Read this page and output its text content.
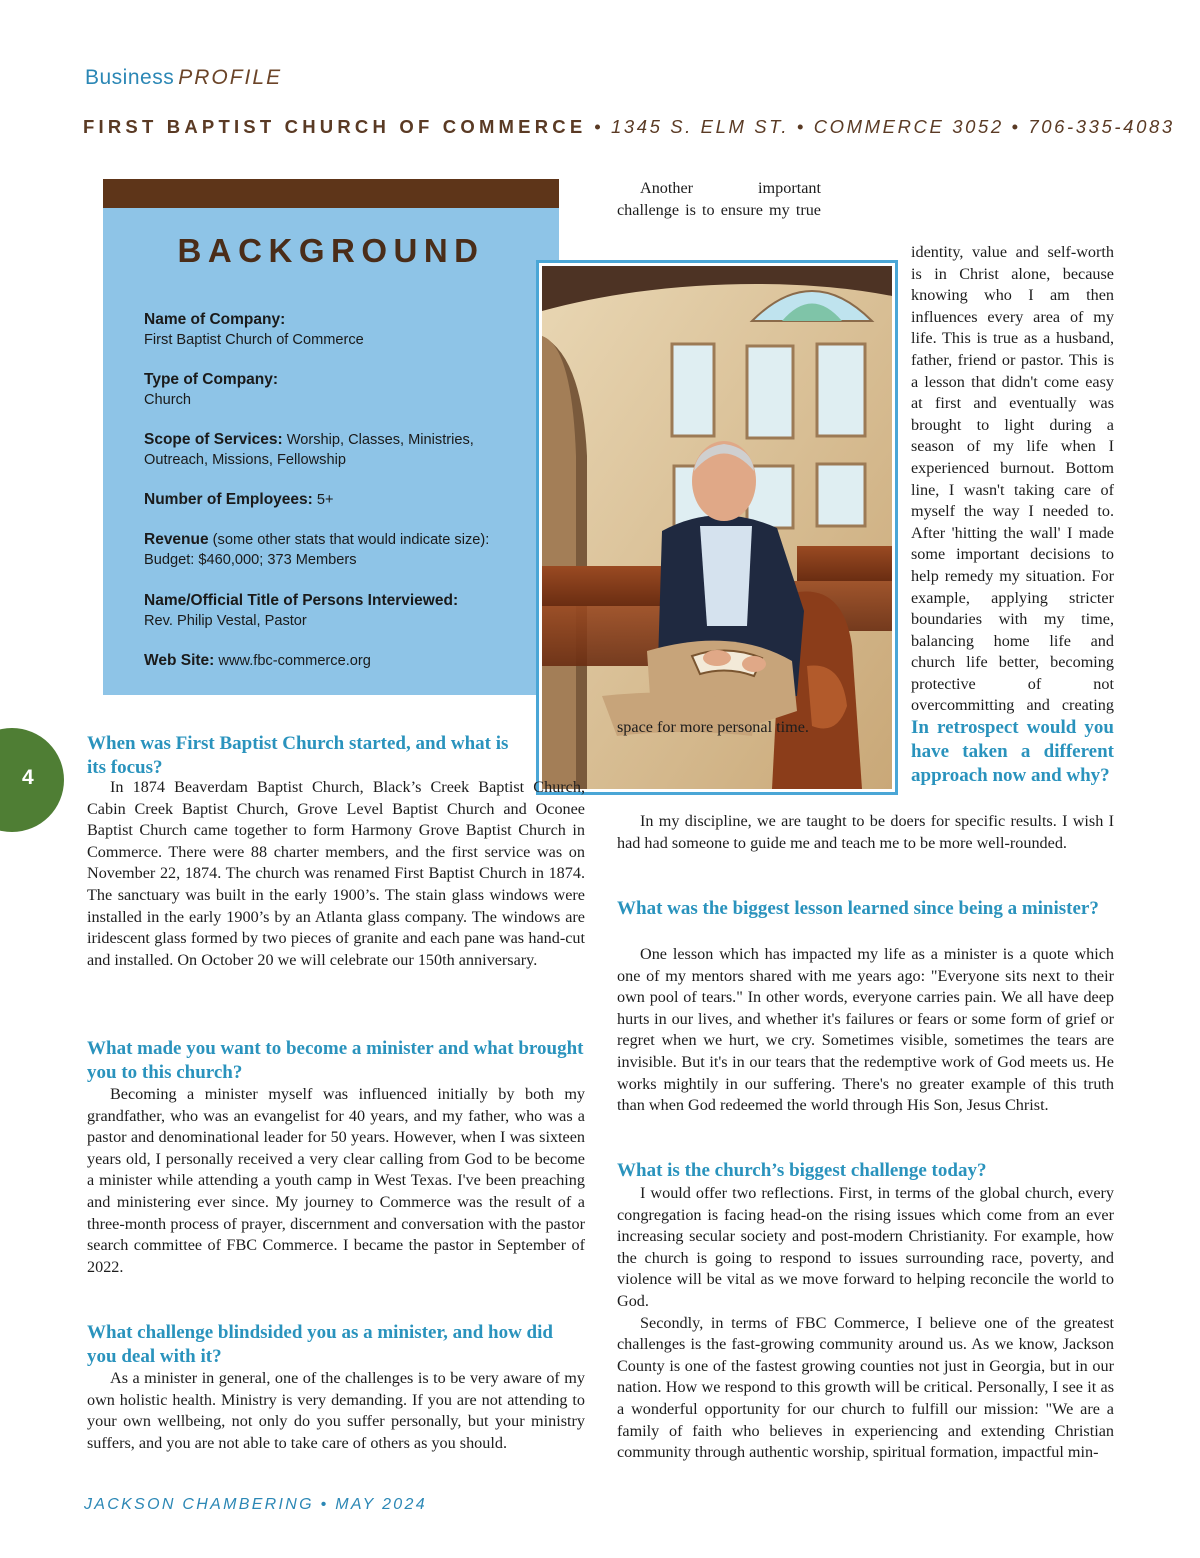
Business PROFILE
FIRST BAPTIST CHURCH OF COMMERCE • 1345 S. ELM ST. • COMMERCE 3052 • 706-335-4083
BACKGROUND
Name of Company:
First Baptist Church of Commerce
Type of Company:
Church
Scope of Services: Worship, Classes, Ministries, Outreach, Missions, Fellowship
Number of Employees: 5+
Revenue (some other stats that would indicate size):
Budget: $460,000; 373 Members
Name/Official Title of Persons Interviewed:
Rev. Philip Vestal, Pastor
Web Site: www.fbc-commerce.org
4
When was First Baptist Church started, and what is its focus?
In 1874 Beaverdam Baptist Church, Black’s Creek Baptist Church, Cabin Creek Baptist Church, Grove Level Baptist Church and Oconee Baptist Church came together to form Harmony Grove Baptist Church in Commerce. There were 88 charter members, and the first service was on November 22, 1874. The church was renamed First Baptist Church in 1874. The sanctuary was built in the early 1900’s. The stain glass windows were installed in the early 1900’s by an Atlanta glass company. The windows are iridescent glass formed by two pieces of granite and each pane was hand-cut and installed. On October 20 we will celebrate our 150th anniversary.
What made you want to become a minister and what brought you to this church?
Becoming a minister myself was influenced initially by both my grandfather, who was an evangelist for 40 years, and my father, who was a pastor and denominational leader for 50 years. However, when I was sixteen years old, I personally received a very clear calling from God to be become a minister while attending a youth camp in West Texas. I've been preaching and ministering ever since. My journey to Commerce was the result of a three-month process of prayer, discernment and conversation with the pastor search committee of FBC Commerce. I became the pastor in September of 2022.
What challenge blindsided you as a minister, and how did you deal with it?
As a minister in general, one of the challenges is to be very aware of my own holistic health. Ministry is very demanding. If you are not attending to your own wellbeing, not only do you suffer personally, but your ministry suffers, and you are not able to take care of others as you should.
Another important challenge is to ensure my true identity, value and self-worth is in Christ alone, because knowing who I am then influences every area of my life. This is true as a husband, father, friend or pastor. This is a lesson that didn't come easy at first and eventually was brought to light during a season of my life when I experienced burnout. Bottom line, I wasn't taking care of myself the way I needed to. After 'hitting the wall' I made some important decisions to help remedy my situation. For example, applying stricter boundaries with my time, balancing home life and church life better, becoming protective of not overcommitting and creating space for more personal time.	In retrospect would you have taken a different approach now and why?
In my discipline, we are taught to be doers for specific results. I wish I had had someone to guide me and teach me to be more well-rounded.
What was the biggest lesson learned since being a minister?
One lesson which has impacted my life as a minister is a quote which one of my mentors shared with me years ago: "Everyone sits next to their own pool of tears." In other words, everyone carries pain. We all have deep hurts in our lives, and whether it's failures or fears or some form of grief or regret when we hurt, we cry. Sometimes visible, sometimes the tears are invisible. But it's in our tears that the redemptive work of God meets us. He works mightily in our suffering. There's no greater example of this truth than when God redeemed the world through His Son, Jesus Christ.
What is the church’s biggest challenge today?
I would offer two reflections. First, in terms of the global church, every congregation is facing head-on the rising issues which come from an ever increasing secular society and post-modern Christianity. For example, how the church is going to respond to issues surrounding race, poverty, and violence will be vital as we move forward to helping reconcile the world to God.
Secondly, in terms of FBC Commerce, I believe one of the greatest challenges is the fast-growing community around us. As we know, Jackson County is one of the fastest growing counties not just in Georgia, but in our nation. How we respond to this growth will be critical. Personally, I see it as a wonderful opportunity for our church to fulfill our mission: "We are a family of faith who believes in experiencing and extending Christian community through authentic worship, spiritual formation, impactful min-
JACKSON CHAMBERING • MAY 2024
